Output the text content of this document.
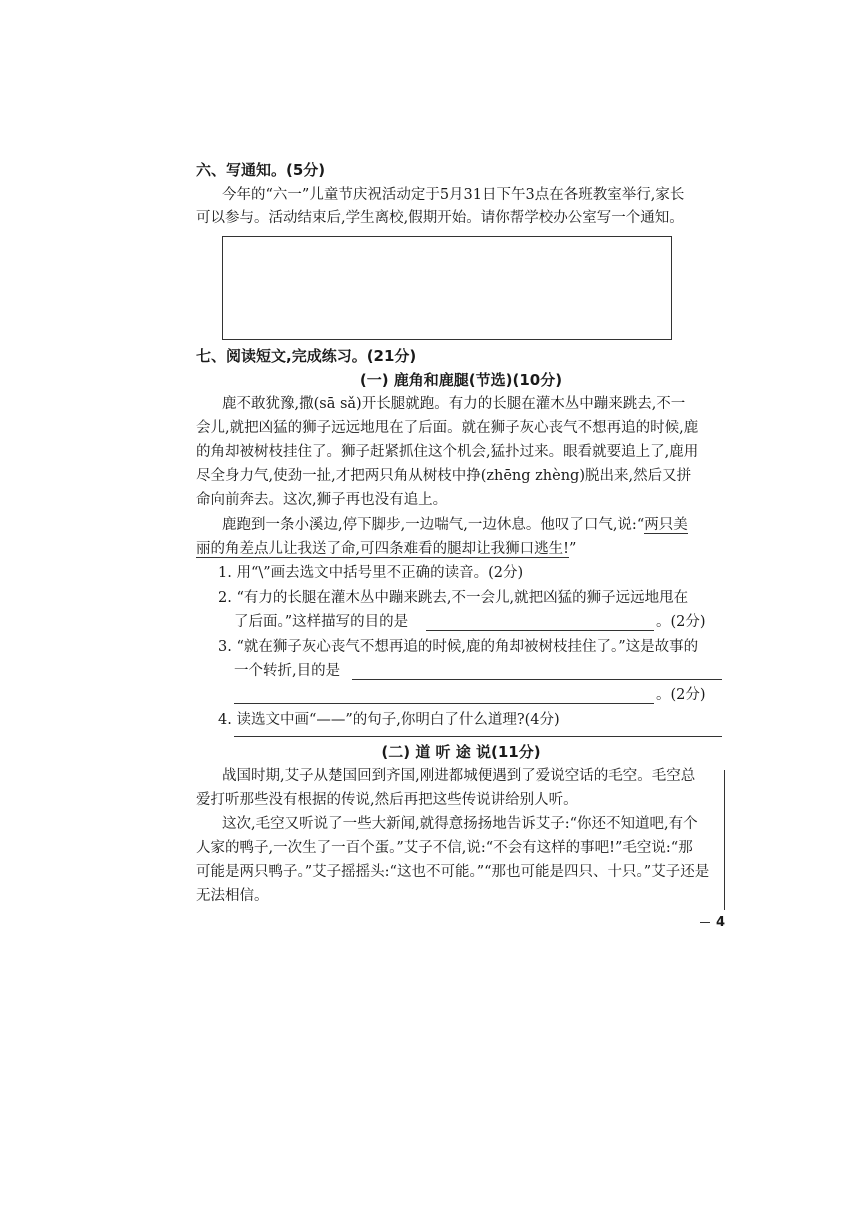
六、写通知。(5分)
今年的“六一”儿童节庆祝活动定于5月31日下午3点在各班教室举行,家长
可以参与。活动结束后,学生离校,假期开始。请你帮学校办公室写一个通知。
七、阅读短文,完成练习。(21分)
(一) 鹿角和鹿腿(节选)(10分)
鹿不敢犹豫,撒(sā sǎ)开长腿就跑。有力的长腿在灌木丛中蹦来跳去,不一
会儿,就把凶猛的狮子远远地甩在了后面。就在狮子灰心丧气不想再追的时候,鹿
的角却被树枝挂住了。狮子赶紧抓住这个机会,猛扑过来。眼看就要追上了,鹿用
尽全身力气,使劲一扯,才把两只角从树枝中挣(zhēng zhèng)脱出来,然后又拼
命向前奔去。这次,狮子再也没有追上。
鹿跑到一条小溪边,停下脚步,一边喘气,一边休息。他叹了口气,说:“两只美
丽的角差点儿让我送了命,可四条难看的腿却让我狮口逃生!”
1. 用“\”画去选文中括号里不正确的读音。(2分)
2. “有力的长腿在灌木丛中蹦来跳去,不一会儿,就把凶猛的狮子远远地甩在
了后面。”这样描写的目的是	。(2分)
3. “就在狮子灰心丧气不想再追的时候,鹿的角却被树枝挂住了。”这是故事的
一个转折,目的是
。(2分)
4. 读选文中画“——”的句子,你明白了什么道理?(4分)
(二) 道 听 途 说(11分)
战国时期,艾子从楚国回到齐国,刚进都城便遇到了爱说空话的毛空。毛空总
爱打听那些没有根据的传说,然后再把这些传说讲给别人听。
这次,毛空又听说了一些大新闻,就得意扬扬地告诉艾子:“你还不知道吧,有个
人家的鸭子,一次生了一百个蛋。”艾子不信,说:“不会有这样的事吧!”毛空说:“那
可能是两只鸭子。”艾子摇摇头:“这也不可能。”“那也可能是四只、十只。”艾子还是
无法相信。
4
